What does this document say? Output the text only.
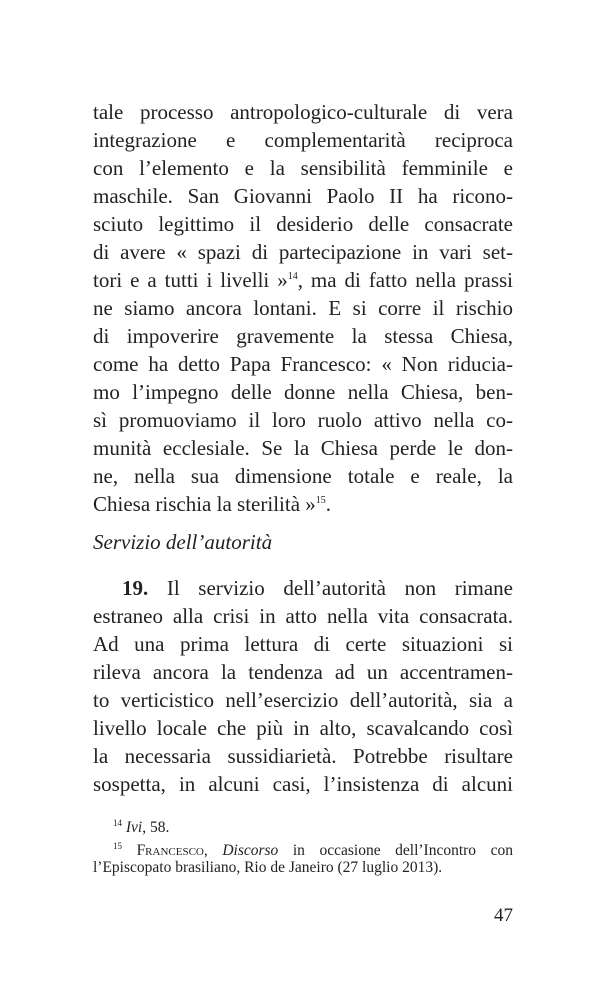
tale processo antropologico-culturale di vera
integrazione e complementarità reciproca
con l’elemento e la sensibilità femminile e
maschile. San Giovanni Paolo II ha ricono-
sciuto legittimo il desiderio delle consacrate
di avere « spazi di partecipazione in vari set-
tori e a tutti i livelli »$^{14}$, ma di fatto nella prassi
ne siamo ancora lontani. E si corre il rischio
di impoverire gravemente la stessa Chiesa,
come ha detto Papa Francesco: « Non riducia-
mo l’impegno delle donne nella Chiesa, ben-
sì promuoviamo il loro ruolo attivo nella co-
munità ecclesiale. Se la Chiesa perde le don-
ne, nella sua dimensione totale e reale, la
Chiesa rischia la sterilità »$^{15}$.
Servizio dell’autorità
19. Il servizio dell’autorità non rimane
estraneo alla crisi in atto nella vita consacrata.
Ad una prima lettura di certe situazioni si
rileva ancora la tendenza ad un accentramen-
to verticistico nell’esercizio dell’autorità, sia a
livello locale che più in alto, scavalcando così
la necessaria sussidiarietà. Potrebbe risultare
sospetta, in alcuni casi, l’insistenza di alcuni
$^{14}$ Ivi, 58.
$^{15}$ Francesco, Discorso in occasione dell’Incontro con
l’Episcopato brasiliano, Rio de Janeiro (27 luglio 2013).
47
